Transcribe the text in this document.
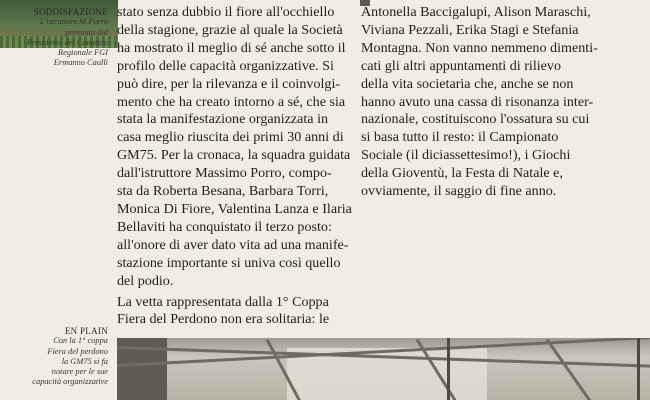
SODDISFAZIONE
L'istruttore M.Porro
premiato dal
Presidente del Comitato
Regionale FGI
Ermanno Caulli
EN PLAIN
Con la 1° coppa
Fiera del perdono
la GM75 si fa
notare per le sue
capacità organizzative
stato senza dubbio il fiore all'occhiello
della stagione, grazie al quale la Società
ha mostrato il meglio di sé anche sotto il
profilo delle capacità organizzative. Si
può dire, per la rilevanza e il coinvolgi-
mento che ha creato intorno a sé, che sia
stata la manifestazione organizzata in
casa meglio riuscita dei primi 30 anni di
GM75. Per la cronaca, la squadra guidata
dall'istruttore Massimo Porro, compo-
sta da Roberta Besana, Barbara Torri,
Monica Di Fiore, Valentina Lanza e Ilaria
Bellaviti ha conquistato il terzo posto:
all'onore di aver dato vita ad una manife-
stazione importante si univa così quello
del podio.
La vetta rappresentata dalla 1° Coppa
Fiera del Perdono non era solitaria: le
Antonella Baccigalupi, Alison Maraschi,
Viviana Pezzali, Erika Stagi e Stefania
Montagna. Non vanno nemmeno dimenti-
cati gli altri appuntamenti di rilievo
della vita societaria che, anche se non
hanno avuto una cassa di risonanza inter-
nazionale, costituiscono l'ossatura su cui
si basa tutto il resto: il Campionato
Sociale (il diciassettesimo!), i Giochi
della Gioventù, la Festa di Natale e,
ovviamente, il saggio di fine anno.
